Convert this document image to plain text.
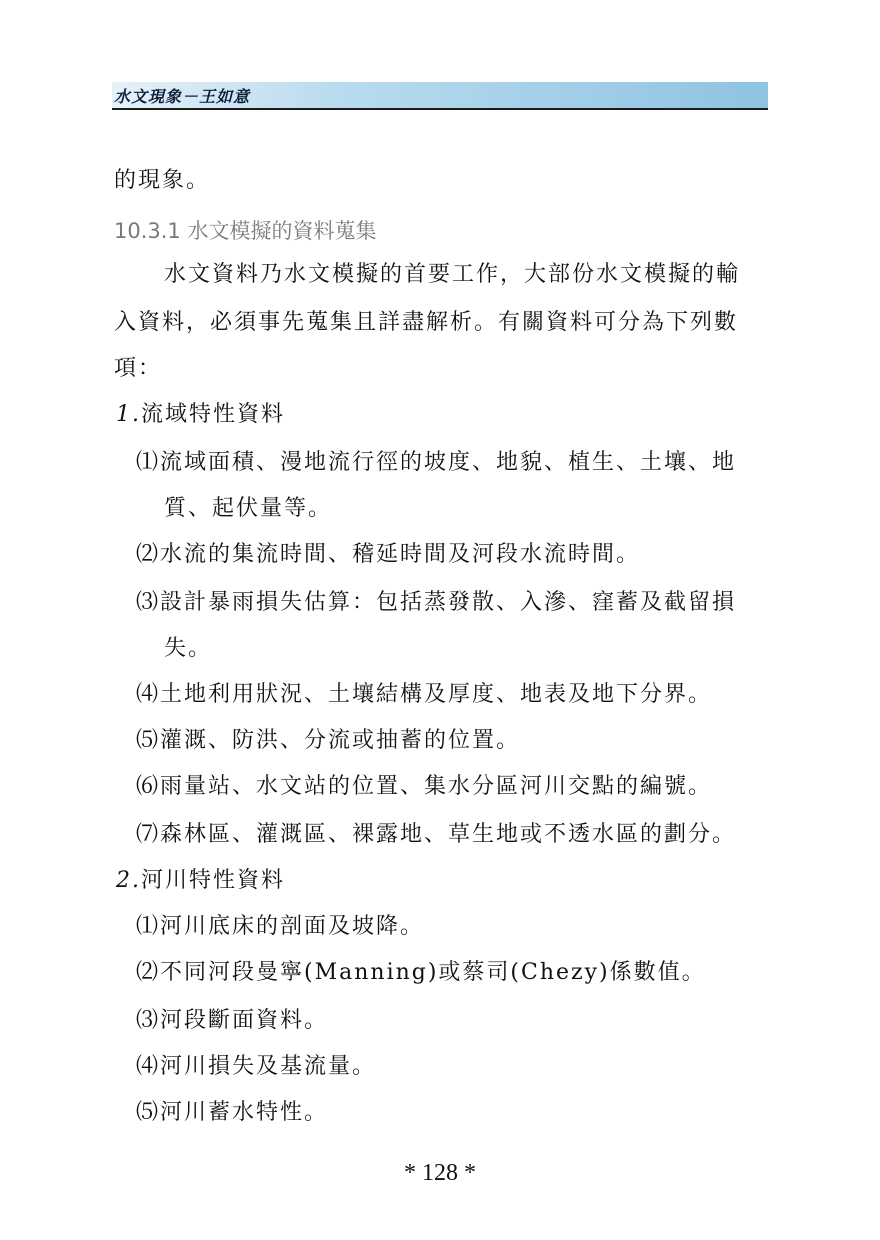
水文現象－王如意
的現象。
10.3.1 水文模擬的資料蒐集
水文資料乃水文模擬的首要工作，大部份水文模擬的輸
入資料，必須事先蒐集且詳盡解析。有關資料可分為下列數
項：
1.流域特性資料
⑴流域面積、漫地流行徑的坡度、地貌、植生、土壤、地
質、起伏量等。
⑵水流的集流時間、稽延時間及河段水流時間。
⑶設計暴雨損失估算：包括蒸發散、入滲、窪蓄及截留損
失。
⑷土地利用狀況、土壤結構及厚度、地表及地下分界。
⑸灌溉、防洪、分流或抽蓄的位置。
⑹雨量站、水文站的位置、集水分區河川交點的編號。
⑺森林區、灌溉區、裸露地、草生地或不透水區的劃分。
2.河川特性資料
⑴河川底床的剖面及坡降。
⑵不同河段曼寧(Manning)或蔡司(Chezy)係數值。
⑶河段斷面資料。
⑷河川損失及基流量。
⑸河川蓄水特性。
* 128 *
